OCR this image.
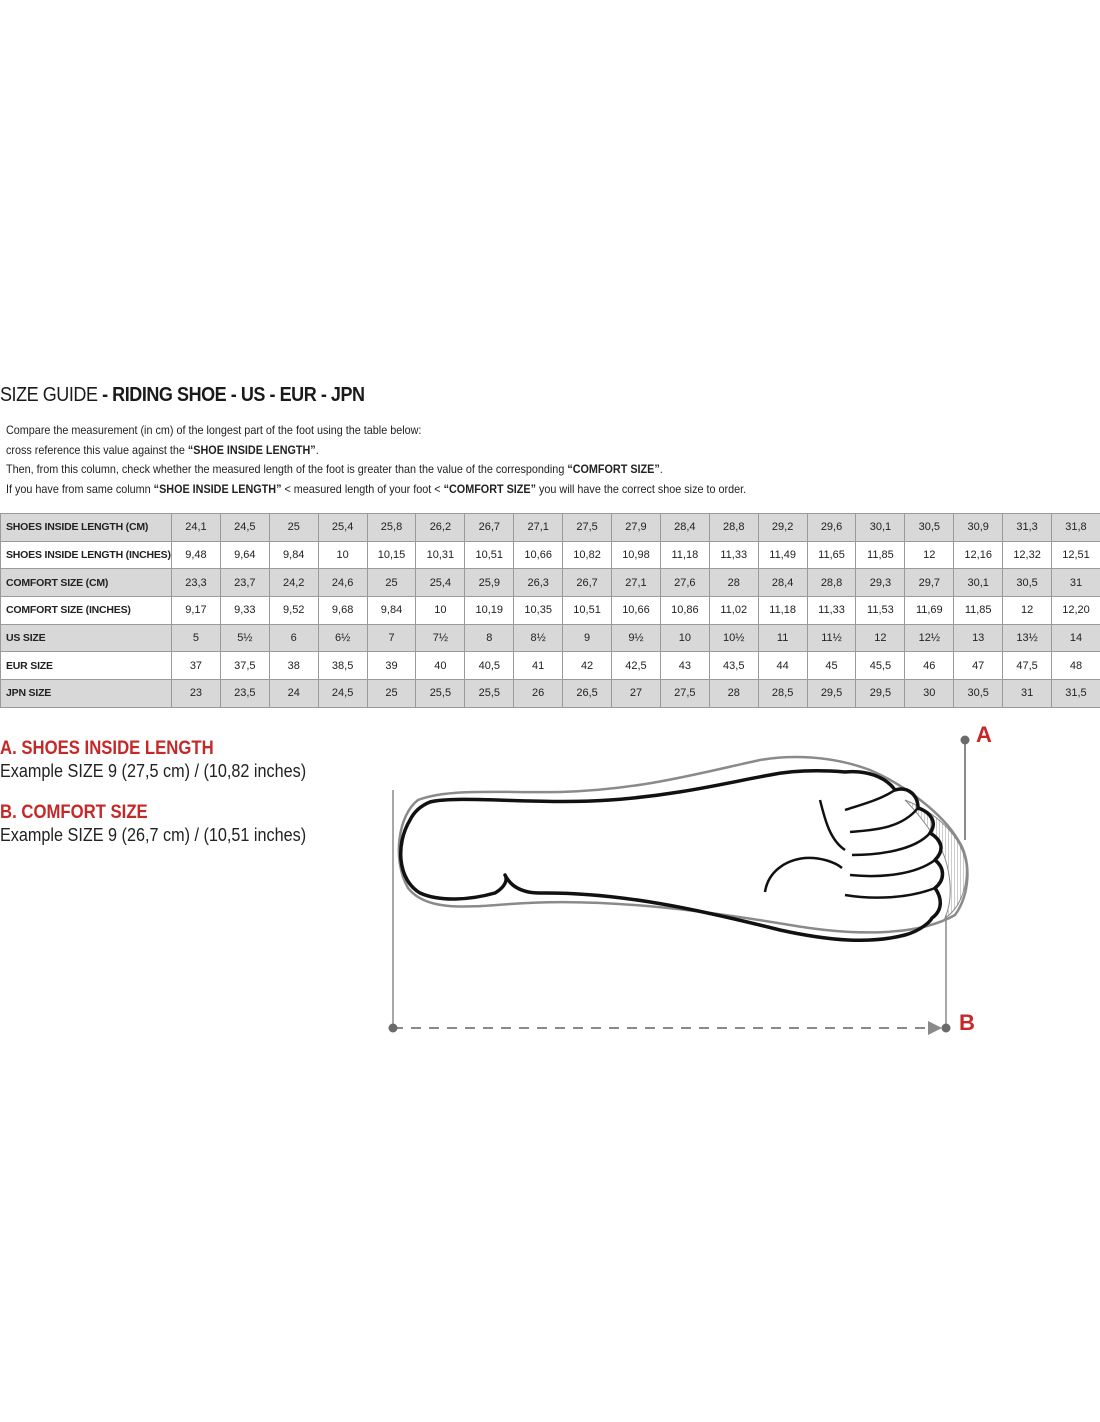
SIZE GUIDE - RIDING SHOE - US - EUR - JPN

Compare the measurement (in cm) of the longest part of the foot using the table below:

cross reference this value against the “SHOE INSIDE LENGTH”.

Then, from this column, check whether the measured length of the foot is greater than the value of the corresponding “COMFORT SIZE”.

If you have from same column “SHOE INSIDE LENGTH” < measured length of your foot < “COMFORT SIZE” you will have the correct shoe size to order.

SHOES INSIDE LENGTH (CM)	24,1	24,5	25	25,4	25,8	26,2	26,7	27,1	27,5	27,9	28,4	28,8	29,2	29,6	30,1	30,5	30,9	31,3	31,8
SHOES INSIDE LENGTH (INCHES)	9,48	9,64	9,84	10	10,15	10,31	10,51	10,66	10,82	10,98	11,18	11,33	11,49	11,65	11,85	12	12,16	12,32	12,51
COMFORT SIZE (CM)	23,3	23,7	24,2	24,6	25	25,4	25,9	26,3	26,7	27,1	27,6	28	28,4	28,8	29,3	29,7	30,1	30,5	31
COMFORT SIZE (INCHES)	9,17	9,33	9,52	9,68	9,84	10	10,19	10,35	10,51	10,66	10,86	11,02	11,18	11,33	11,53	11,69	11,85	12	12,20
US SIZE	5	5½	6	6½	7	7½	8	8½	9	9½	10	10½	11	11½	12	12½	13	13½	14
EUR SIZE	37	37,5	38	38,5	39	40	40,5	41	42	42,5	43	43,5	44	45	45,5	46	47	47,5	48
JPN SIZE	23	23,5	24	24,5	25	25,5	25,5	26	26,5	27	27,5	28	28,5	29,5	29,5	30	30,5	31	31,5
A. SHOES INSIDE LENGTH
Example SIZE 9 (27,5 cm) / (10,82 inches)
B. COMFORT SIZE
Example SIZE 9 (26,7 cm) / (10,51 inches)
A
B
